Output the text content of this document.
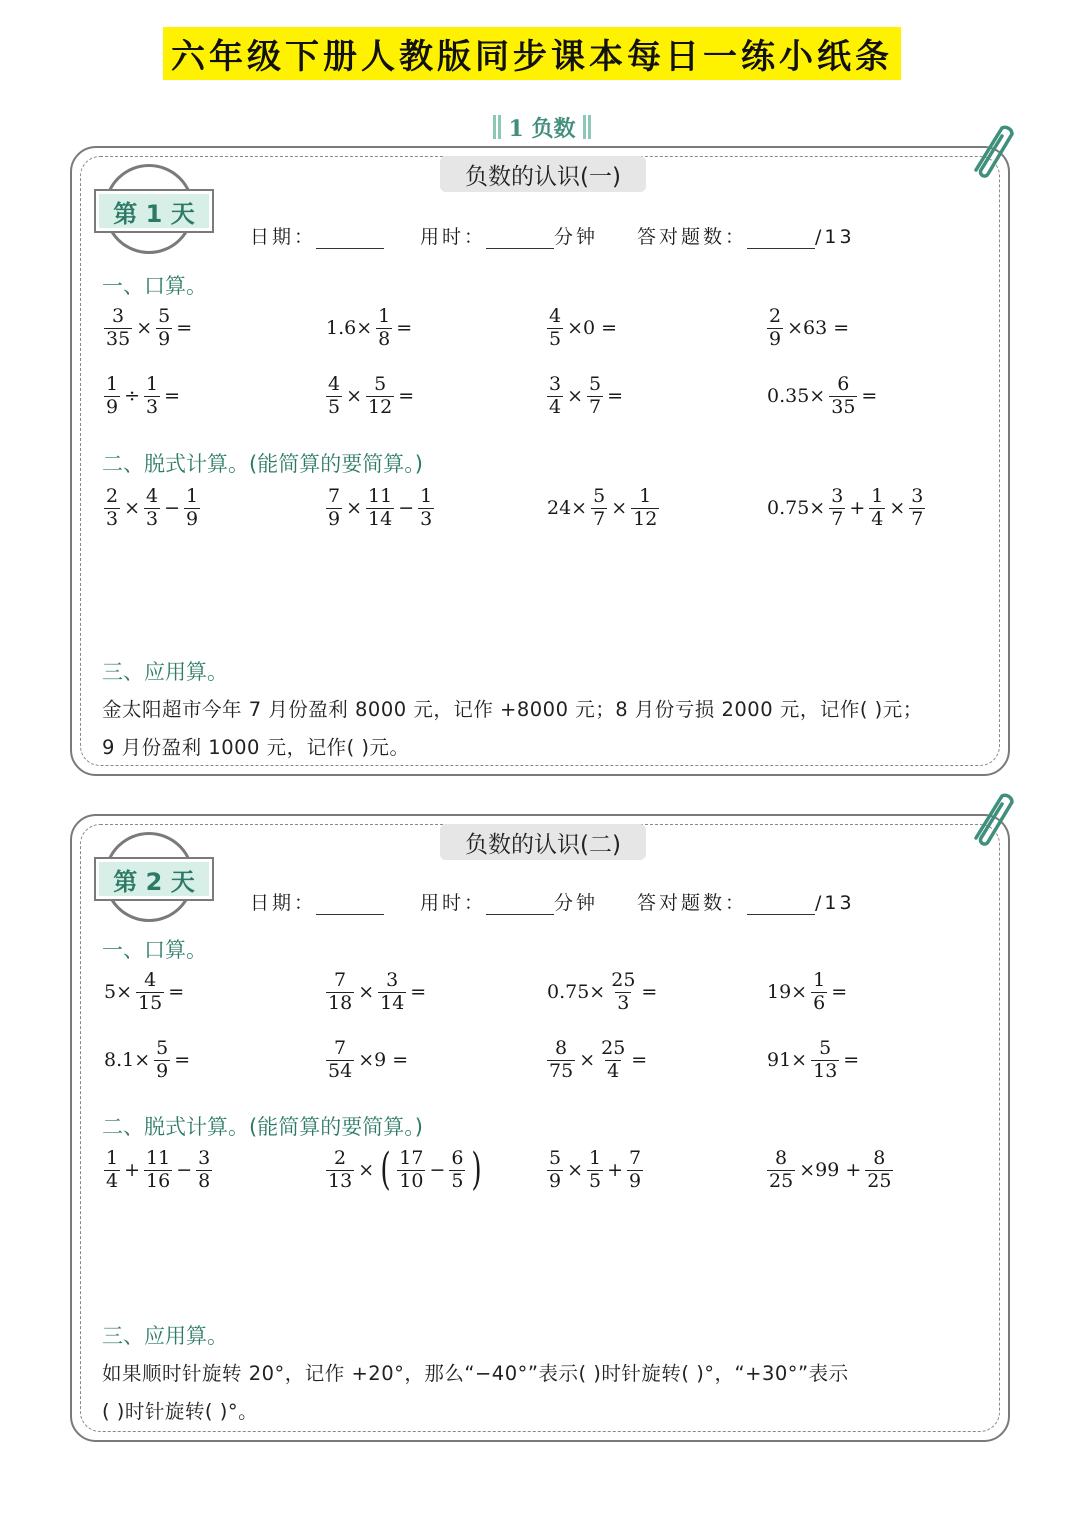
六年级下册人教版同步课本每日一练小纸条
1 负数
负数的认识(一)
第 1 天
日期：	用时：	分钟 答对题数：	/13
一、口算。
$\frac{3}{35} \times \frac{5}{9}$ =	$1.6\times \frac{1}{8}$ =	$\frac{4}{5} \times 0$ =	$\frac{2}{9} \times 63$ =
$\frac{1}{9} \div \frac{1}{3}$ =	$\frac{4}{5} \times \frac{5}{12}$ =	$\frac{3}{4} \times \frac{5}{7}$ =	$0.35\times \frac{6}{35}$ =
二、脱式计算。(能简算的要简算。)
$\frac{2}{3} \times \frac{4}{3} - \frac{1}{9}$	$\frac{7}{9} \times \frac{11}{14} - \frac{1}{3}$	$24\times \frac{5}{7} \times \frac{1}{12}$	$0.75\times \frac{3}{7} + \frac{1}{4} \times \frac{3}{7}$
三、应用算。
金太阳超市今年 7 月份盈利 8000 元，记作 +8000 元；8 月份亏损 2000 元，记作( )元；
9 月份盈利 1000 元，记作( )元。
负数的认识(二)
第 2 天
日期：	用时：	分钟 答对题数：	/13
一、口算。
$5\times \frac{4}{15}$ =	$\frac{7}{18} \times \frac{3}{14}$ =	$0.75\times \frac{25}{3}$ =	$19\times \frac{1}{6}$ =
$8.1\times \frac{5}{9}$ =	$\frac{7}{54} \times 9$ =	$\frac{8}{75} \times \frac{25}{4}$ =	$91\times \frac{5}{13}$ =
二、脱式计算。(能简算的要简算。)
$\frac{1}{4} + \frac{11}{16} - \frac{3}{8}$	$\frac{2}{13}$ × ( $\frac{17}{10} - \frac{6}{5}$ )	$\frac{5}{9} \times \frac{1}{5} + \frac{7}{9}$	$\frac{8}{25} \times 99 + \frac{8}{25}$
三、应用算。
如果顺时针旋转 20°，记作 +20°，那么“−40°”表示( )时针旋转( )°，“+30°”表示
( )时针旋转( )°。
